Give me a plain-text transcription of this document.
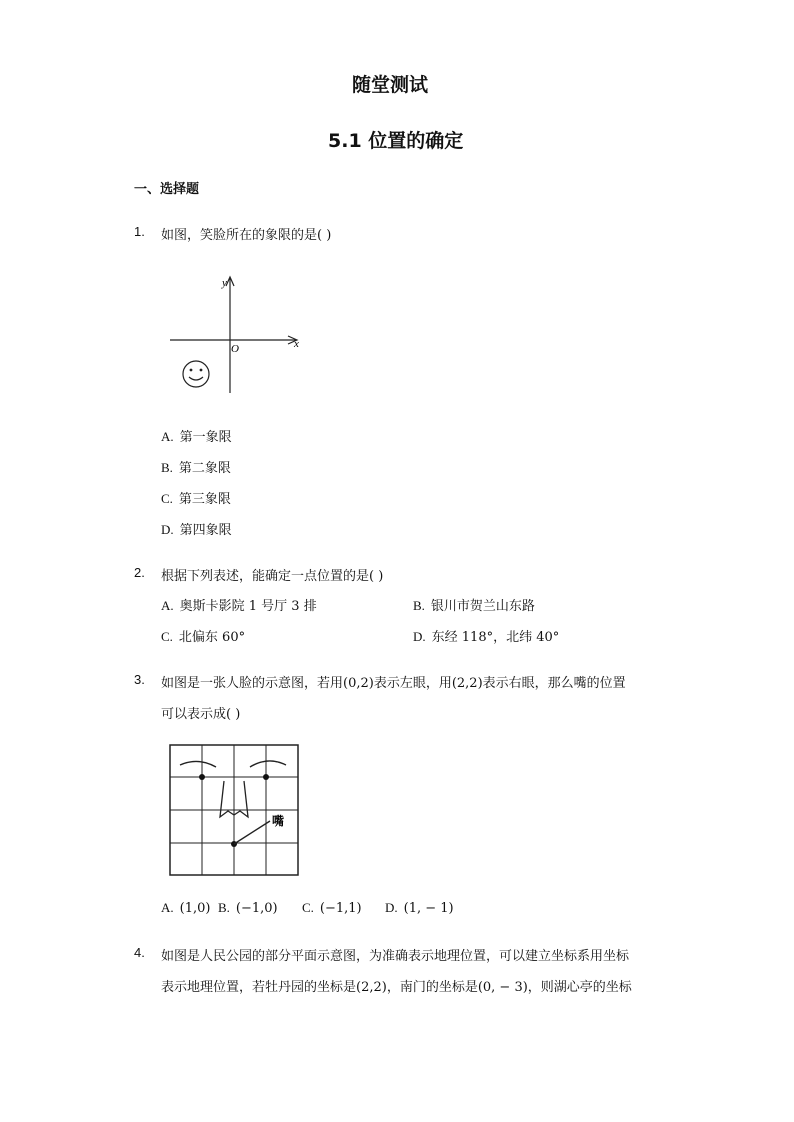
随堂测试
5.1 位置的确定
一、选择题
1. 如图，笑脸所在的象限的是( )
x
y
O
A. 第一象限
B. 第二象限
C. 第三象限
D. 第四象限
2. 根据下列表述，能确定一点位置的是( )
A. 奥斯卡影院 1 号厅 3 排	B. 银川市贺兰山东路
C. 北偏东 60°	D. 东经 118°，北纬 40°
3. 如图是一张人脸的示意图，若用(0,2)表示左眼，用(2,2)表示右眼，那么嘴的位置
可以表示成( )
嘴
A. (1,0) B. (−1,0) C. (−1,1) D. (1, − 1)
4. 如图是人民公园的部分平面示意图，为准确表示地理位置，可以建立坐标系用坐标
表示地理位置，若牡丹园的坐标是(2,2)，南门的坐标是(0, − 3)，则湖心亭的坐标
